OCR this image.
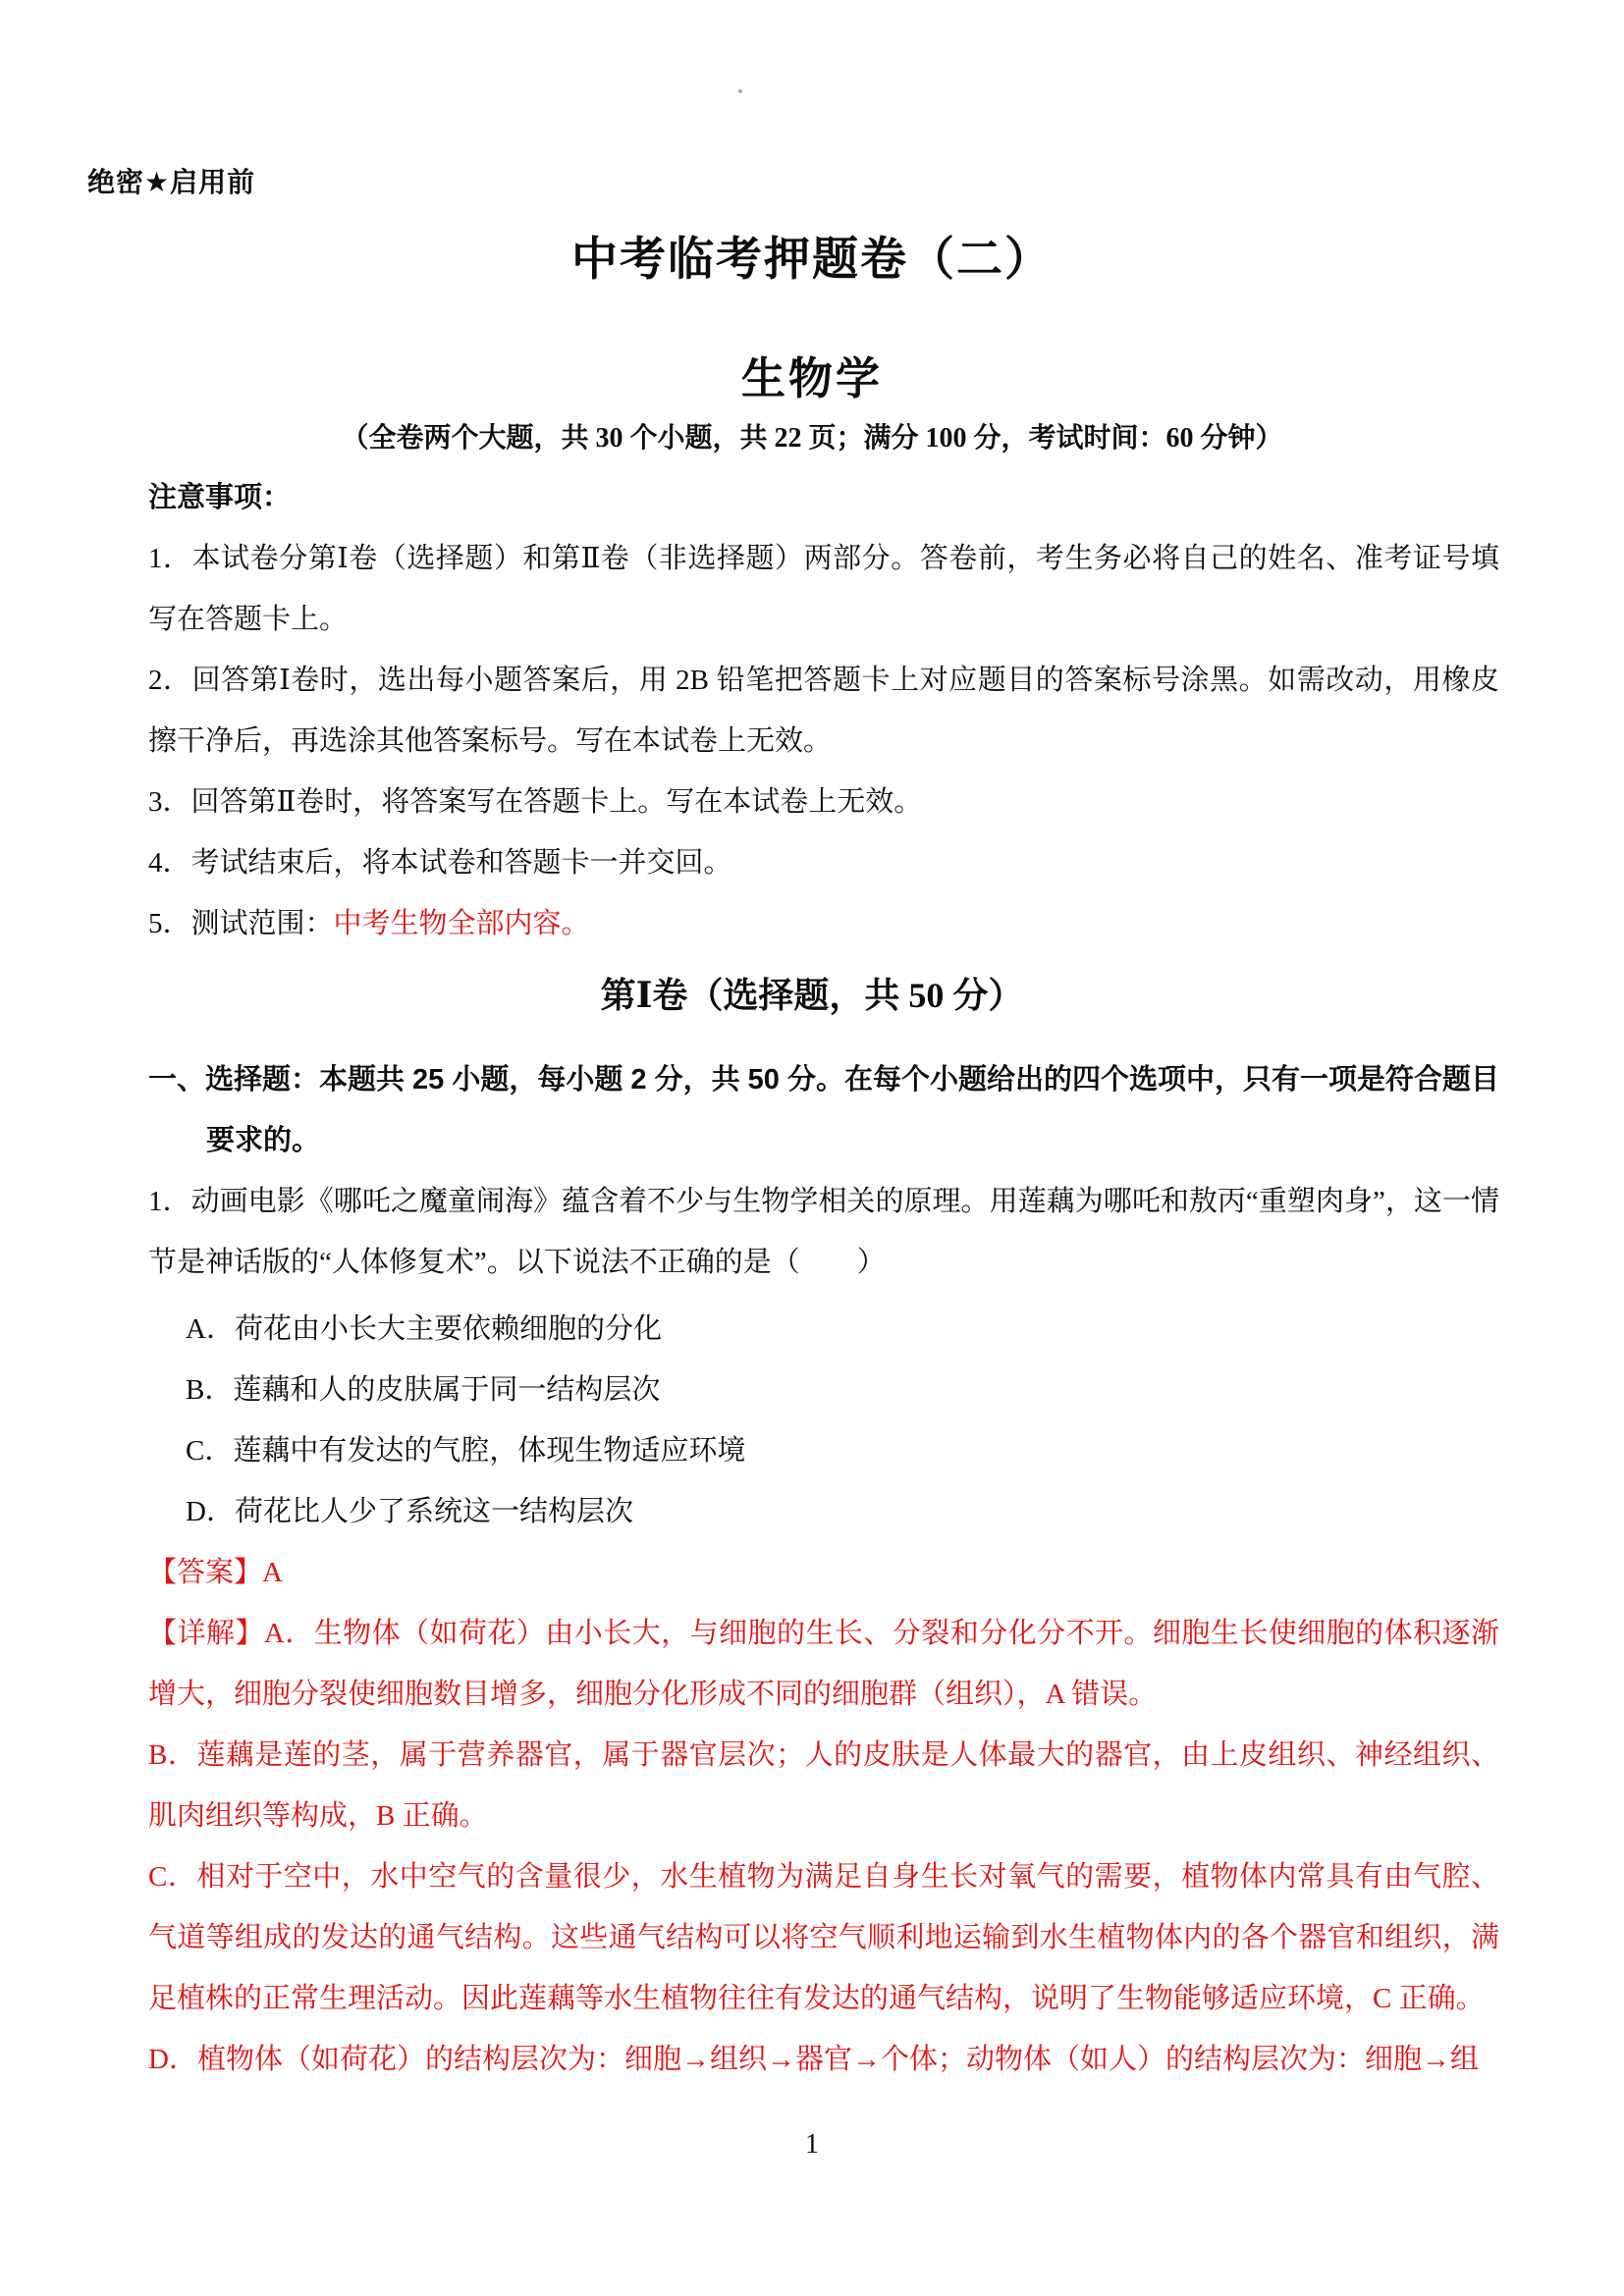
绝密★启用前
中考临考押题卷（二）
生物学
（全卷两个大题，共 30 个小题，共 22 页；满分 100 分，考试时间：60 分钟）

注意事项：

1．本试卷分第Ⅰ卷（选择题）和第Ⅱ卷（非选择题）两部分。答卷前，考生务必将自己的姓名、准考证号填写在答题卡上。

2．回答第Ⅰ卷时，选出每小题答案后，用 2B 铅笔把答题卡上对应题目的答案标号涂黑。如需改动，用橡皮擦干净后，再选涂其他答案标号。写在本试卷上无效。

3．回答第Ⅱ卷时，将答案写在答题卡上。写在本试卷上无效。

4．考试结束后，将本试卷和答题卡一并交回。

5．测试范围：中考生物全部内容。

第Ⅰ卷（选择题，共 50 分）

一、选择题：本题共 25 小题，每小题 2 分，共 50 分。在每个小题给出的四个选项中，只有一项是符合题目要求的。

1．动画电影《哪吒之魔童闹海》蕴含着不少与生物学相关的原理。用莲藕为哪吒和敖丙“重塑肉身”，这一情节是神话版的“人体修复术”。以下说法不正确的是（　　）

A．荷花由小长大主要依赖细胞的分化

B．莲藕和人的皮肤属于同一结构层次

C．莲藕中有发达的气腔，体现生物适应环境

D．荷花比人少了系统这一结构层次

【答案】A

【详解】A．生物体（如荷花）由小长大，与细胞的生长、分裂和分化分不开。细胞生长使细胞的体积逐渐增大，细胞分裂使细胞数目增多，细胞分化形成不同的细胞群（组织），A 错误。

B．莲藕是莲的茎，属于营养器官，属于器官层次；人的皮肤是人体最大的器官，由上皮组织、神经组织、肌肉组织等构成，B 正确。

C．相对于空中，水中空气的含量很少，水生植物为满足自身生长对氧气的需要，植物体内常具有由气腔、气道等组成的发达的通气结构。这些通气结构可以将空气顺利地运输到水生植物体内的各个器官和组织，满足植株的正常生理活动。因此莲藕等水生植物往往有发达的通气结构，说明了生物能够适应环境，C 正确。

D．植物体（如荷花）的结构层次为：细胞→组织→器官→个体；动物体（如人）的结构层次为：细胞→组

1
